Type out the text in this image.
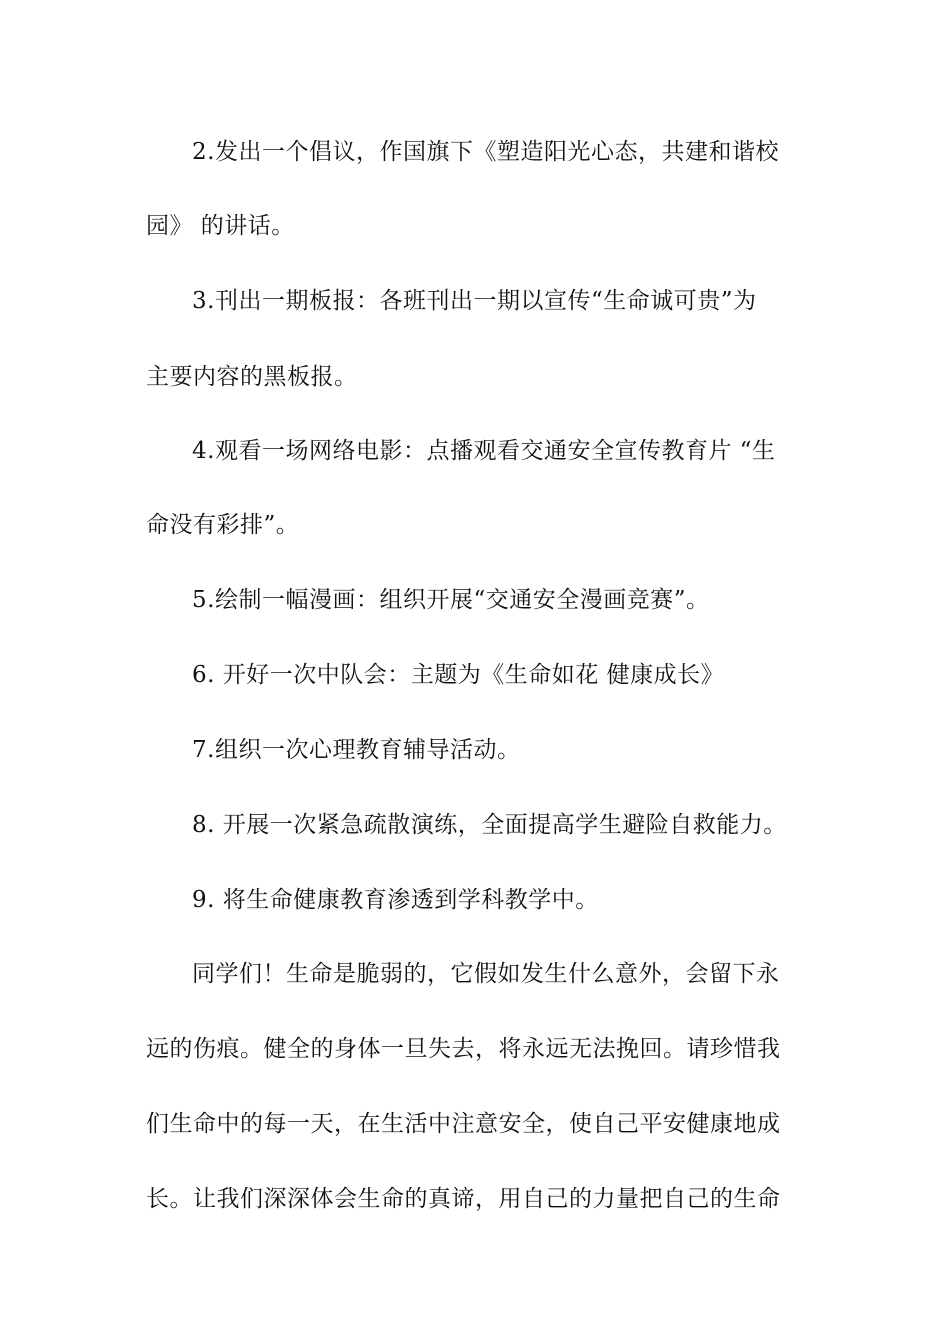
2.发出一个倡议，作国旗下《塑造阳光心态，共建和谐校
园》 的讲话。
3.刊出一期板报：各班刊出一期以宣传“生命诚可贵”为
主要内容的黑板报。
4.观看一场网络电影：点播观看交通安全宣传教育片 “生
命没有彩排”。
5.绘制一幅漫画：组织开展“交通安全漫画竞赛”。
6. 开好一次中队会：主题为《生命如花 健康成长》
7.组织一次心理教育辅导活动。
8. 开展一次紧急疏散演练，全面提高学生避险自救能力。
9. 将生命健康教育渗透到学科教学中。
同学们！生命是脆弱的，它假如发生什么意外，会留下永
远的伤痕。健全的身体一旦失去，将永远无法挽回。请珍惜我
们生命中的每一天，在生活中注意安全，使自己平安健康地成
长。让我们深深体会生命的真谛，用自己的力量把自己的生命
